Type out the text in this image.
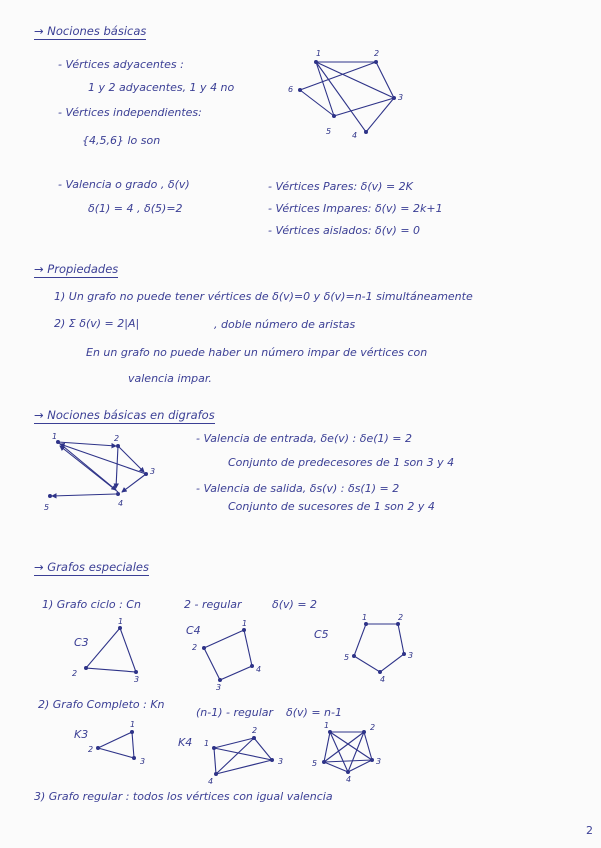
→ Nociones básicas
- Vértices adyacentes :
1 y 2 adyacentes, 1 y 4 no
- Vértices independientes:
{4,5,6} lo son
1	2
3
4
5
6
- Valencia o grado , δ(v)
δ(1) = 4 , δ(5)=2
- Vértices Pares: δ(v) = 2K
- Vértices Impares: δ(v) = 2k+1
- Vértices aislados: δ(v) = 0
→ Propiedades
1) Un grafo no puede tener vértices de δ(v)=0 y δ(v)=n-1 simultáneamente
2) Σ δ(v) = 2|A|	, doble número de aristas
En un grafo no puede haber un número impar de vértices con
valencia impar.
→ Nociones básicas en digrafos
1	2
3
4
5
- Valencia de entrada, δe(v) : δe(1) = 2
Conjunto de predecesores de 1 son 3 y 4
- Valencia de salida, δs(v) : δs(1) = 2
Conjunto de sucesores de 1 son 2 y 4
→ Grafos especiales
1) Grafo ciclo : Cn	2 - regular	δ(v) = 2
C3
1
2
3
C4
1
2
3
4
C5
1	2
3
4
5
2) Grafo Completo : Kn
(n-1) - regular δ(v) = n-1
K3
1
2
3
K4 1
2
3
4
1	2
3
4
5
3) Grafo regular : todos los vértices con igual valencia
2
